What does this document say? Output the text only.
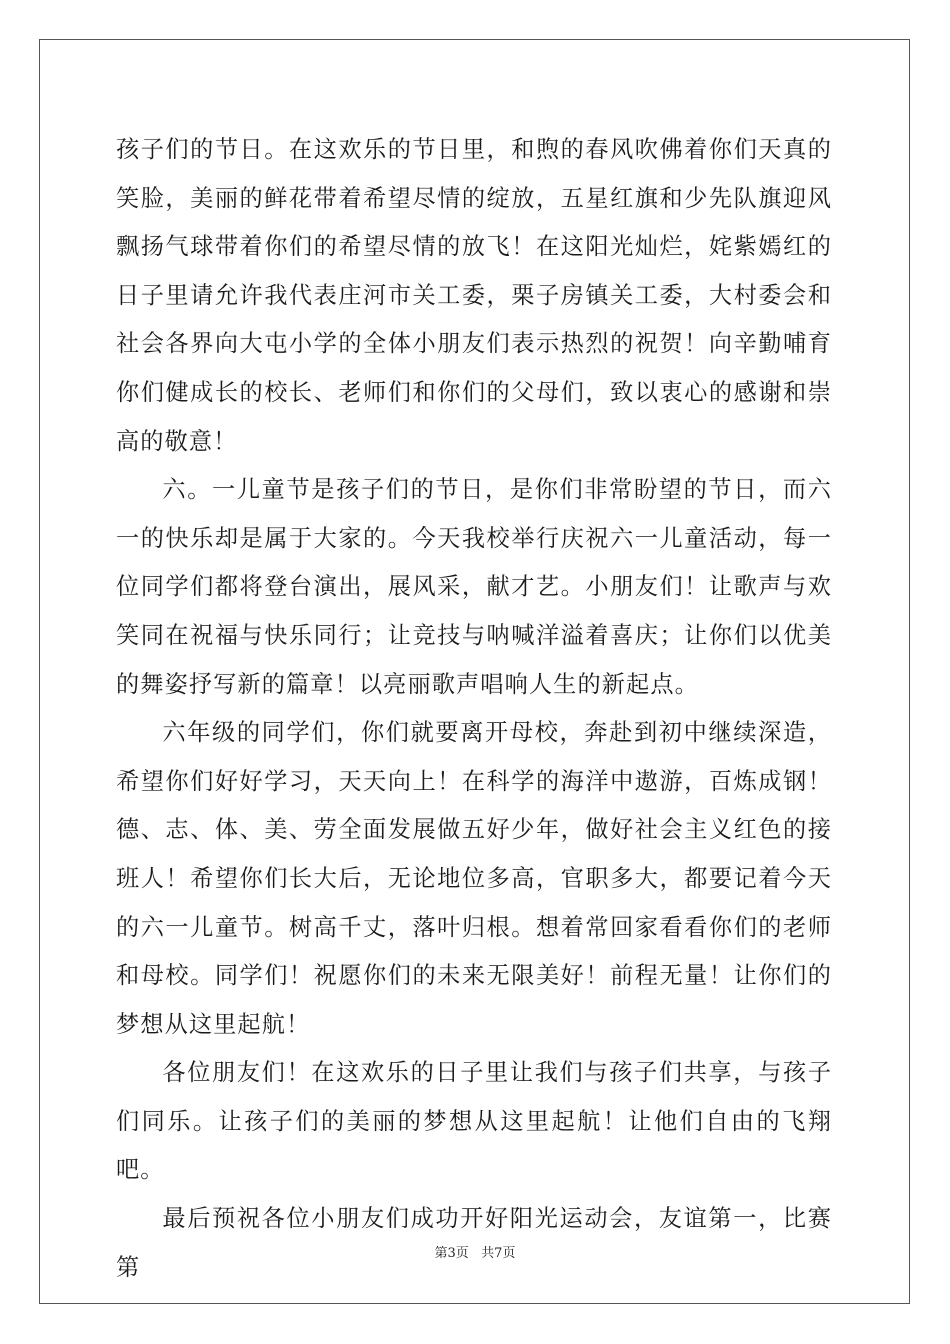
孩子们的节日。在这欢乐的节日里，和煦的春风吹佛着你们天真的笑脸，美丽的鲜花带着希望尽情的绽放，五星红旗和少先队旗迎风飘扬气球带着你们的希望尽情的放飞！在这阳光灿烂，姹紫嫣红的日子里请允许我代表庄河市关工委，栗子房镇关工委，大村委会和社会各界向大屯小学的全体小朋友们表示热烈的祝贺！向辛勤哺育你们健成长的校长、老师们和你们的父母们，致以衷心的感谢和崇高的敬意！

六。一儿童节是孩子们的节日，是你们非常盼望的节日，而六一的快乐却是属于大家的。今天我校举行庆祝六一儿童活动，每一位同学们都将登台演出，展风采，献才艺。小朋友们！让歌声与欢笑同在祝福与快乐同行；让竞技与呐喊洋溢着喜庆；让你们以优美的舞姿抒写新的篇章！以亮丽歌声唱响人生的新起点。

六年级的同学们，你们就要离开母校，奔赴到初中继续深造，希望你们好好学习，天天向上！在科学的海洋中遨游，百炼成钢！德、志、体、美、劳全面发展做五好少年，做好社会主义红色的接班人！希望你们长大后，无论地位多高，官职多大，都要记着今天的六一儿童节。树高千丈，落叶归根。想着常回家看看你们的老师和母校。同学们！祝愿你们的未来无限美好！前程无量！让你们的梦想从这里起航！

各位朋友们！在这欢乐的日子里让我们与孩子们共享，与孩子们同乐。让孩子们的美丽的梦想从这里起航！让他们自由的飞翔吧。

最后预祝各位小朋友们成功开好阳光运动会，友谊第一，比赛第

第3页   共7页
